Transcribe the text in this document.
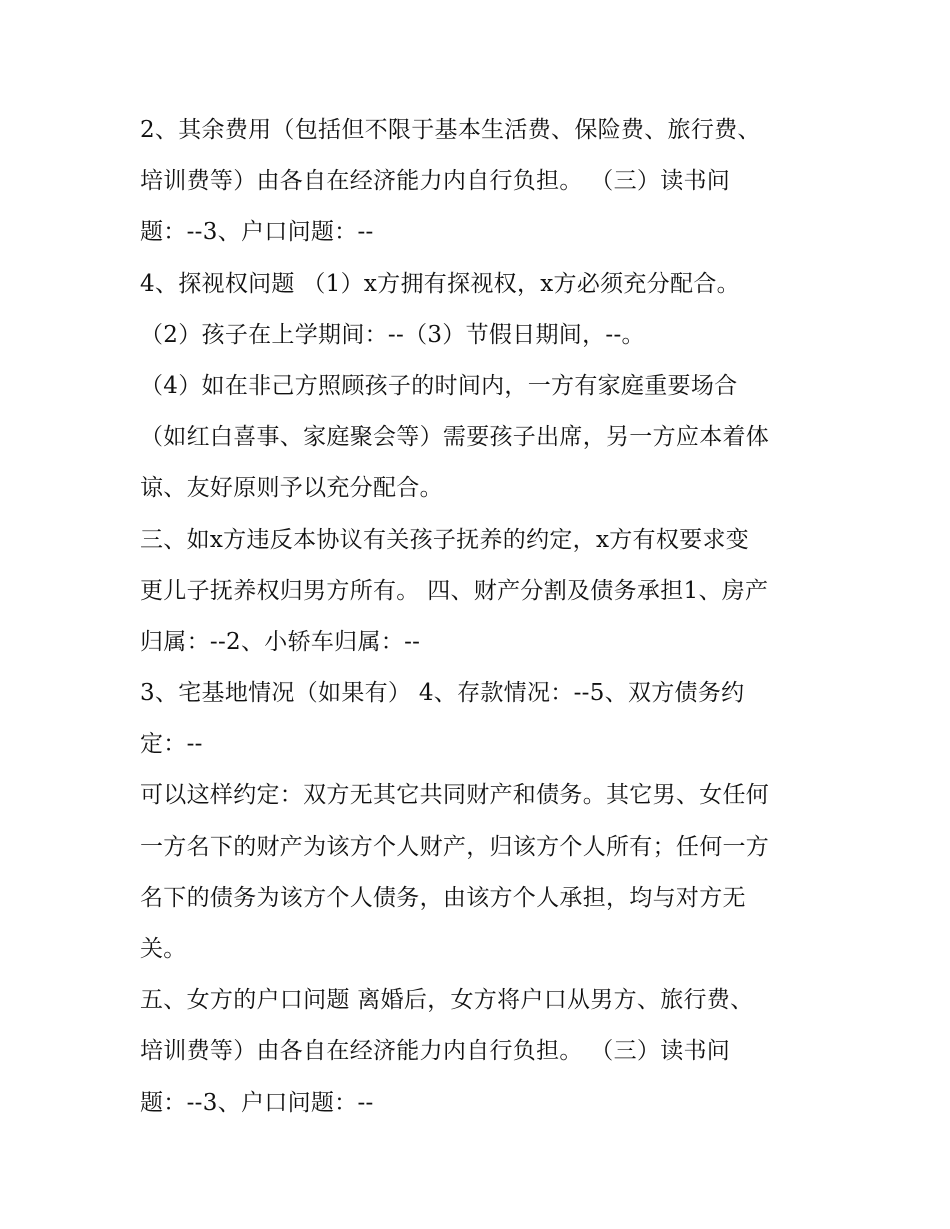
2、其余费用（包括但不限于基本生活费、保险费、旅行费、
培训费等）由各自在经济能力内自行负担。 （三）读书问
题：--3、户口问题：--
4、探视权问题 （1）x方拥有探视权，x方必须充分配合。
（2）孩子在上学期间：--（3）节假日期间，--。
（4）如在非己方照顾孩子的时间内，一方有家庭重要场合
（如红白喜事、家庭聚会等）需要孩子出席，另一方应本着体
谅、友好原则予以充分配合。
三、如x方违反本协议有关孩子抚养的约定，x方有权要求变
更儿子抚养权归男方所有。 四、财产分割及债务承担1、房产
归属：--2、小轿车归属：--
3、宅基地情况（如果有） 4、存款情况：--5、双方债务约
定：--
可以这样约定：双方无其它共同财产和债务。其它男、女任何
一方名下的财产为该方个人财产，归该方个人所有；任何一方
名下的债务为该方个人债务，由该方个人承担，均与对方无
关。
五、女方的户口问题 离婚后，女方将户口从男方、旅行费、
培训费等）由各自在经济能力内自行负担。 （三）读书问
题：--3、户口问题：--
